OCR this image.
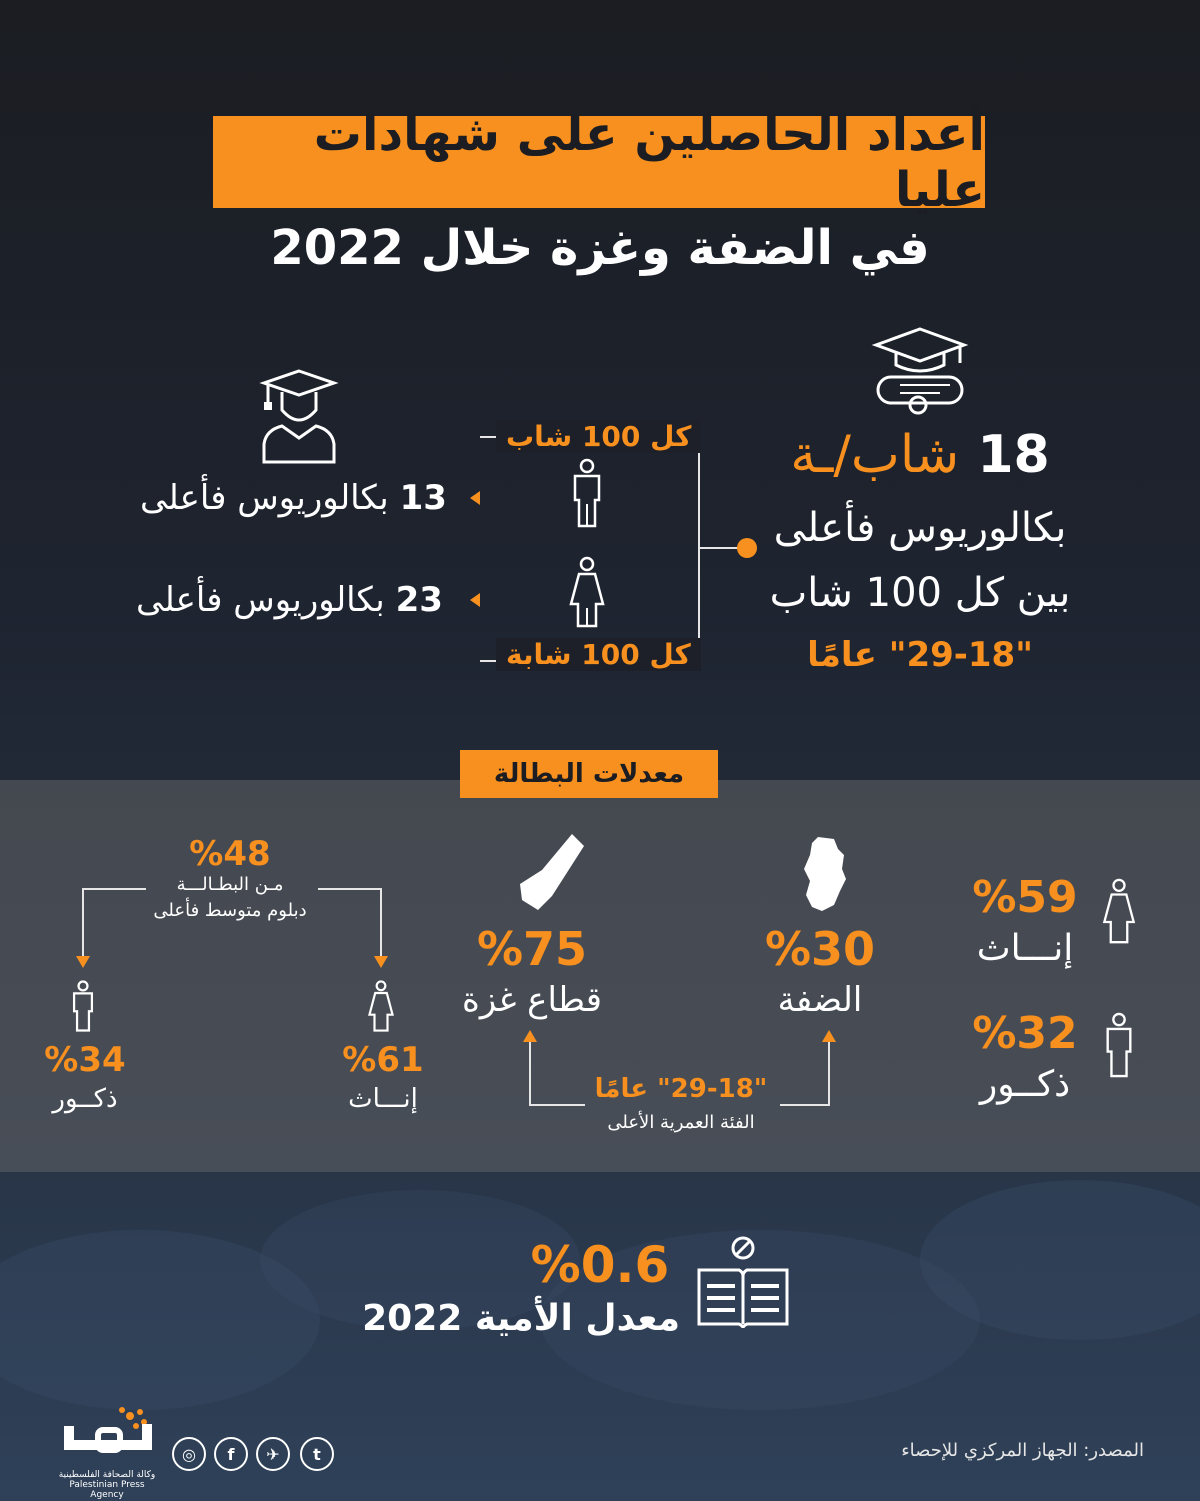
أعداد الحاصلين على شهادات عليا
في الضفة وغزة خلال 2022
18 شاب/ـة
بكالوريوس فأعلى
بين كل 100 شاب
"29-18" عامًا
كل 100 شاب
كل 100 شابة
13 بكالوريوس فأعلى
23 بكالوريوس فأعلى
معدلات البطالة
%59
إنـــاث
%32
ذكــور
%30
الضفة
%75
قطاع غزة
"29-18" عامًا
الفئة العمرية الأعلى
%48
مـن البطـالـــة
دبلوم متوسط فأعلى
%34
ذكــور
%61
إنـــاث
%0.6
معدل الأمية 2022
وكالة الصحافة الفلسطينية
Palestinian Press Agency
t
✈
f
◎	المصدر: الجهاز المركزي للإحصاء
